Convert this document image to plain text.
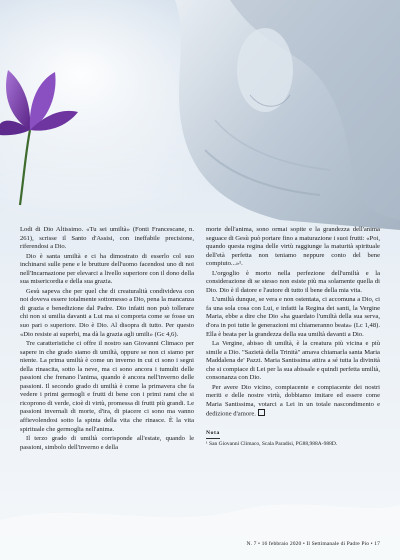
Lodi di Dio Altissimo. «Tu sei umiltà» (Fonti Francescane, n. 261), scrisse il Santo d'Assisi, con ineffabile precisione, riferendosi a Dio.

Dio è santa umiltà e ci ha dimostrato di esserlo col suo inchinarsi sulle pene e le brutture dell'uomo facendosi uno di noi nell'Incarnazione per elevarci a livello superiore con il dono della sua misericordia e della sua grazia.

Gesù sapeva che per quel che di creaturalità condivideva con noi doveva essere totalmente sottomesso a Dio, pena la mancanza di grazia e benedizione dal Padre. Dio infatti non può tollerare chi non si umilia davanti a Lui ma si comporta come se fosse un suo pari o superiore. Dio è Dio. Al disopra di tutto. Per questo «Dio resiste ai superbi, ma dà la grazia agli umili» (Gc 4,6).

Tre caratteristiche ci offre il nostro san Giovanni Climaco per sapere in che grado siamo di umiltà, oppure se non ci siamo per niente. La prima umiltà è come un inverno in cui ci sono i segni della rinascita, sotto la neve, ma ci sono ancora i tumulti delle passioni che frenano l'anima, quando è ancora nell'inverno delle passioni. Il secondo grado di umiltà è come la primavera che fa vedere i primi germogli e frutti di bene con i primi rami che si ricoprono di verde, cioè di virtù, promessa di frutti più grandi. Le passioni invernali di morte, d'ira, di piacere ci sono ma vanno affievolendosi sotto la spinta della vita che rinasce. È la vita spirituale che germoglia nell'anima.

Il terzo grado di umiltà corrisponde all'estate, quando le passioni, simbolo dell'inverno e della

morte dell'anima, sono ormai sopite e la grandezza dell'anima seguace di Gesù può portare fino a maturazione i suoi frutti: «Poi, quando questa regina delle virtù raggiunge la maturità spirituale dell'età perfetta non teniamo neppure conto del bene compiuto...»¹.

L'orgoglio è morto nella perfezione dell'umiltà e la considerazione di se stesso non esiste più ma solamente quella di Dio. Dio è il datore e l'autore di tutto il bene della mia vita.

L'umiltà dunque, se vera e non ostentata, ci accomuna a Dio, ci fa una sola cosa con Lui, e infatti la Regina dei santi, la Vergine Maria, ebbe a dire che Dio «ha guardato l'umiltà della sua serva, d'ora in poi tutte le generazioni mi chiameranno beata» (Lc 1,48). Ella è beata per la grandezza della sua umiltà davanti a Dio.

La Vergine, abisso di umiltà, è la creatura più vicina e più simile a Dio. "Sazietà della Trinità" amava chiamarla santa Maria Maddalena de' Pazzi. Maria Santissima attira a sé tutta la divinità che si compiace di Lei per la sua abissale e quindi perfetta umiltà, consonanza con Dio.

Per avere Dio vicino, compiacente e compiacente dei nostri meriti e delle nostre virtù, dobbiamo imitare ed essere come Maria Santissima, votarci a Lei in un totale nascondimento e dedizione d'amore.

Nota
¹ San Giovanni Climaco, Scala Paradisi, PG88,988A-988D.
N. 7 • 16 febbraio 2020 • Il Settimanale di Padre Pio • 17
